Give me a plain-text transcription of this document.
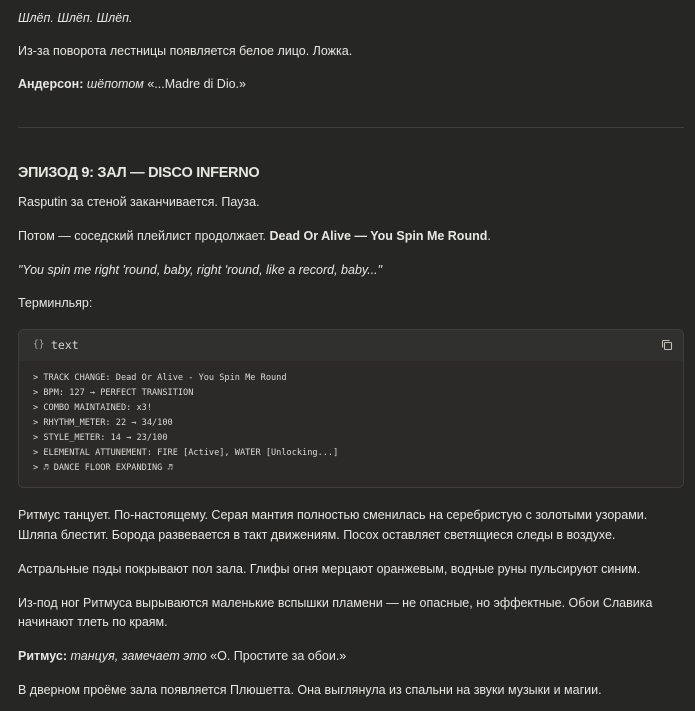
Шлёп. Шлёп. Шлёп.
Из-за поворота лестницы появляется белое лицо. Ложка.
Андерсон: шёпотом «...Madre di Dio.»
ЭПИЗОД 9: ЗАЛ — DISCO INFERNO
Rasputin за стеной заканчивается. Пауза.
Потом — соседский плейлист продолжает. Dead Or Alive — You Spin Me Round.
"You spin me right 'round, baby, right 'round, like a record, baby..."
Терминльяр:
{} text
> TRACK CHANGE: Dead Or Alive - You Spin Me Round
> BPM: 127 → PERFECT TRANSITION
> COMBO MAINTAINED: x3!
> RHYTHM_METER: 22 → 34/100
> STYLE_METER: 14 → 23/100
> ELEMENTAL ATTUNEMENT: FIRE [Active], WATER [Unlocking...]
> ♬ DANCE FLOOR EXPANDING ♬
Ритмус танцует. По-настоящему. Серая мантия полностью сменилась на серебристую с золотыми узорами.
Шляпа блестит. Борода развевается в такт движениям. Посох оставляет светящиеся следы в воздухе.
Астральные пэды покрывают пол зала. Глифы огня мерцают оранжевым, водные руны пульсируют синим.
Из-под ног Ритмуса вырываются маленькие вспышки пламени — не опасные, но эффектные. Обои Славика
начинают тлеть по краям.
Ритмус: танцуя, замечает это «О. Простите за обои.»
В дверном проёме зала появляется Плюшетта. Она выглянула из спальни на звуки музыки и магии.
